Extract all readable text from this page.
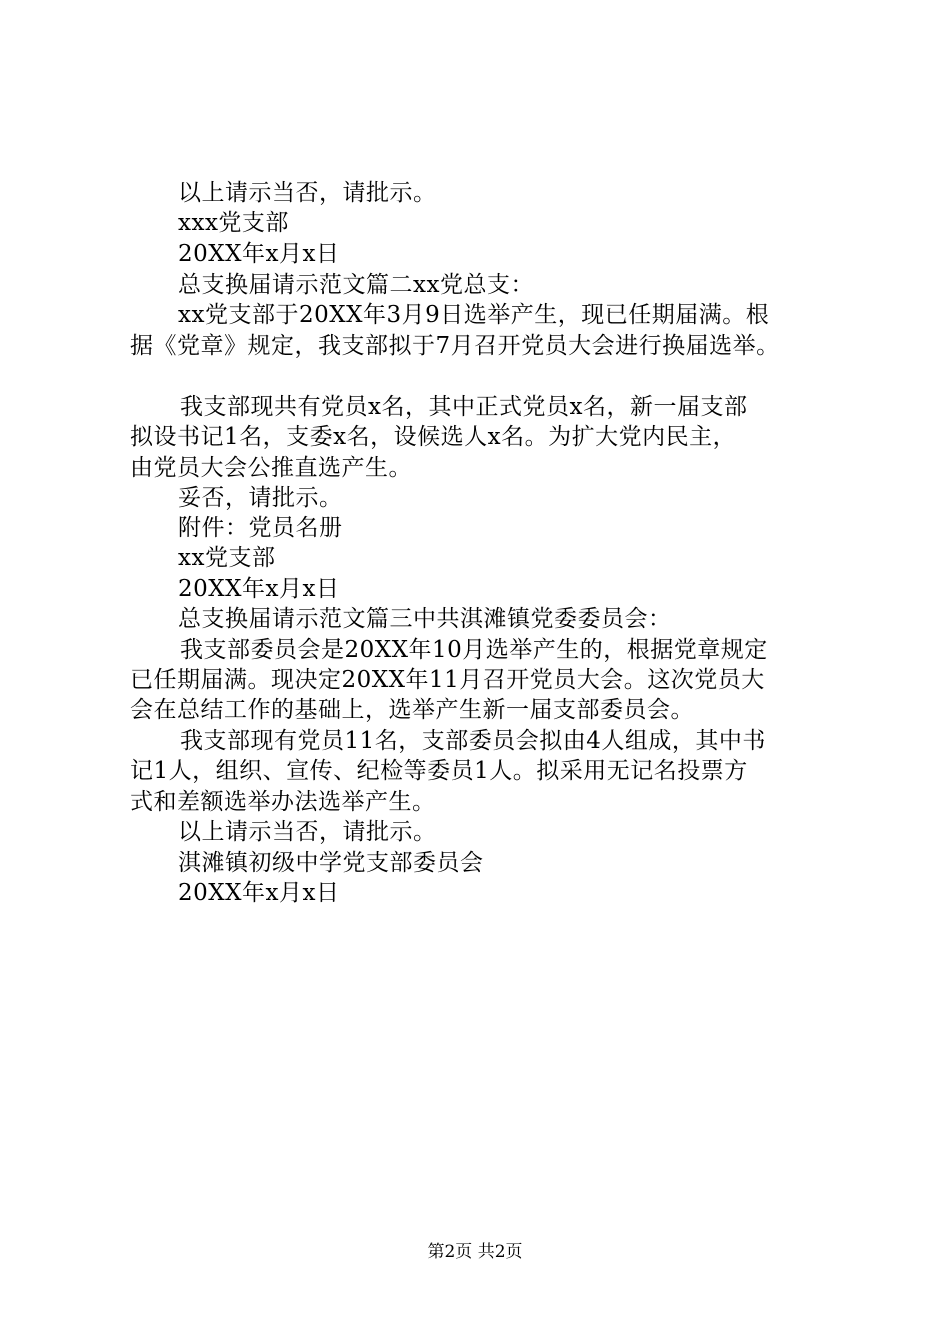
以上请示当否，请批示。
xxx党支部
20XX年x月x日
总支换届请示范文篇二xx党总支：
xx党支部于20XX年3月9日选举产生，现已任期届满。根
据《党章》规定，我支部拟于7月召开党员大会进行换届选举。
我支部现共有党员x名，其中正式党员x名，新一届支部
拟设书记1名，支委x名，设候选人x名。为扩大党内民主，
由党员大会公推直选产生。
妥否，请批示。
附件：党员名册
xx党支部
20XX年x月x日
总支换届请示范文篇三中共淇滩镇党委委员会：
我支部委员会是20XX年10月选举产生的，根据党章规定
已任期届满。现决定20XX年11月召开党员大会。这次党员大
会在总结工作的基础上，选举产生新一届支部委员会。
我支部现有党员11名，支部委员会拟由4人组成，其中书
记1人，组织、宣传、纪检等委员1人。拟采用无记名投票方
式和差额选举办法选举产生。
以上请示当否，请批示。
淇滩镇初级中学党支部委员会
20XX年x月x日
第2页 共2页
